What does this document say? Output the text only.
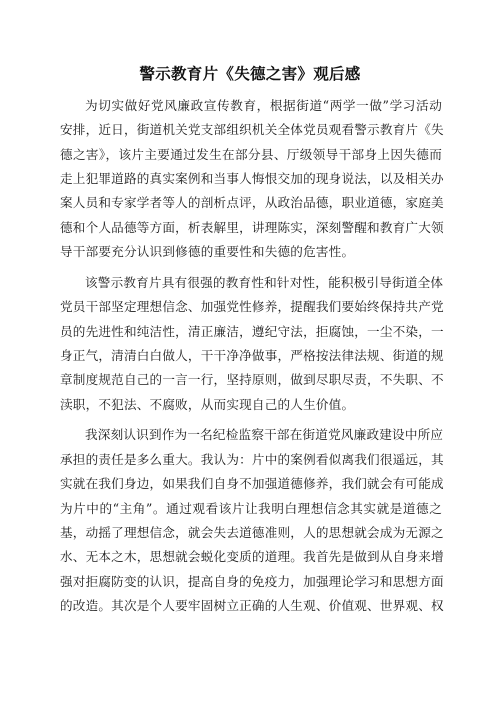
警示教育片《失德之害》观后感
为切实做好党风廉政宣传教育，根据街道“两学一做”学习活动
安排，近日，街道机关党支部组织机关全体党员观看警示教育片《失
德之害》，该片主要通过发生在部分县、厅级领导干部身上因失德而
走上犯罪道路的真实案例和当事人悔恨交加的现身说法，以及相关办
案人员和专家学者等人的剖析点评，从政治品德，职业道德，家庭美
德和个人品德等方面，析表解里，讲理陈实，深刻警醒和教育广大领
导干部要充分认识到修德的重要性和失德的危害性。
该警示教育片具有很强的教育性和针对性，能积极引导街道全体
党员干部坚定理想信念、加强党性修养，提醒我们要始终保持共产党
员的先进性和纯洁性，清正廉洁，遵纪守法，拒腐蚀，一尘不染，一
身正气，清清白白做人，干干净净做事，严格按法律法规、街道的规
章制度规范自己的一言一行，坚持原则，做到尽职尽责，不失职、不
渎职，不犯法、不腐败，从而实现自己的人生价值。
我深刻认识到作为一名纪检监察干部在街道党风廉政建设中所应
承担的责任是多么重大。我认为：片中的案例看似离我们很遥远，其
实就在我们身边，如果我们自身不加强道德修养，我们就会有可能成
为片中的“主角”。通过观看该片让我明白理想信念其实就是道德之
基，动摇了理想信念，就会失去道德准则，人的思想就会成为无源之
水、无本之木，思想就会蜕化变质的道理。我首先是做到从自身来增
强对拒腐防变的认识，提高自身的免疫力，加强理论学习和思想方面
的改造。其次是个人要牢固树立正确的人生观、价值观、世界观、权
